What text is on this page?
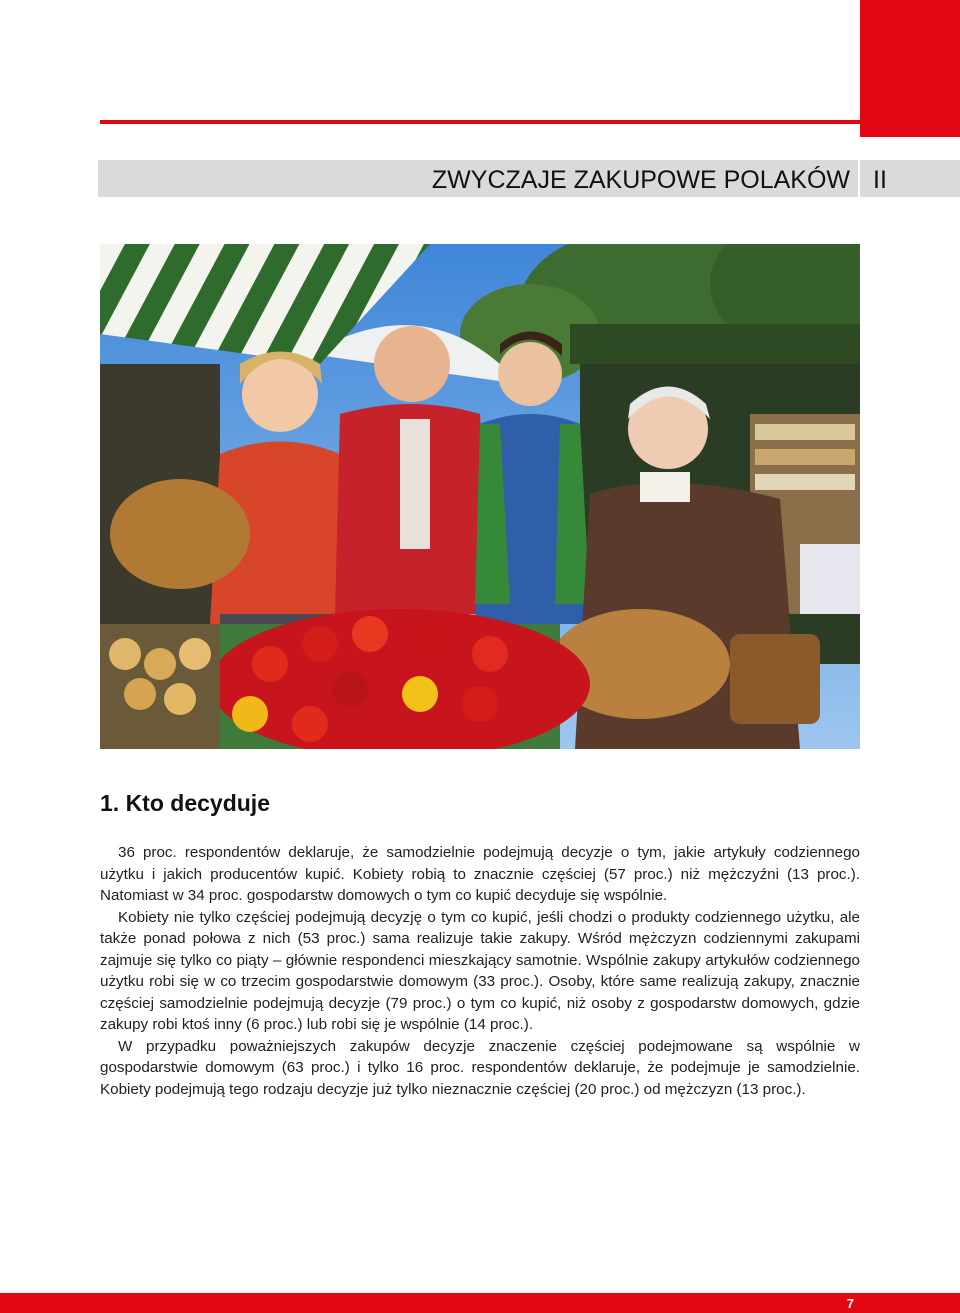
ZWYCZAJE ZAKUPOWE POLAKÓW II
1. Kto decyduje

36 proc. respondentów deklaruje, że samodzielnie podejmują decyzje o tym, jakie artykuły codziennego użytku i jakich producentów kupić. Kobiety robią to znacznie częściej (57 proc.) niż mężczyźni (13 proc.). Natomiast w 34 proc. gospodarstw domowych o tym co kupić decyduje się wspólnie.

Kobiety nie tylko częściej podejmują decyzję o tym co kupić, jeśli chodzi o produkty codziennego użytku, ale także ponad połowa z nich (53 proc.) sama realizuje takie zakupy. Wśród mężczyzn codziennymi zakupami zajmuje się tylko co piąty – głównie respondenci mieszkający samotnie. Wspólnie zakupy artykułów codziennego użytku robi się w co trzecim gospodarstwie domowym (33 proc.). Osoby, które same realizują zakupy, znacznie częściej samodzielnie podejmują decyzje (79 proc.) o tym co kupić, niż osoby z gospodarstw domowych, gdzie zakupy robi ktoś inny (6 proc.) lub robi się je wspólnie (14 proc.).

W przypadku poważniejszych zakupów decyzje znaczenie częściej podejmowane są wspólnie w gospodarstwie domowym (63 proc.) i tylko 16 proc. respondentów deklaruje, że podejmuje je samodzielnie. Kobiety podejmują tego rodzaju decyzje już tylko nieznacznie częściej (20 proc.) od mężczyzn (13 proc.).

7
